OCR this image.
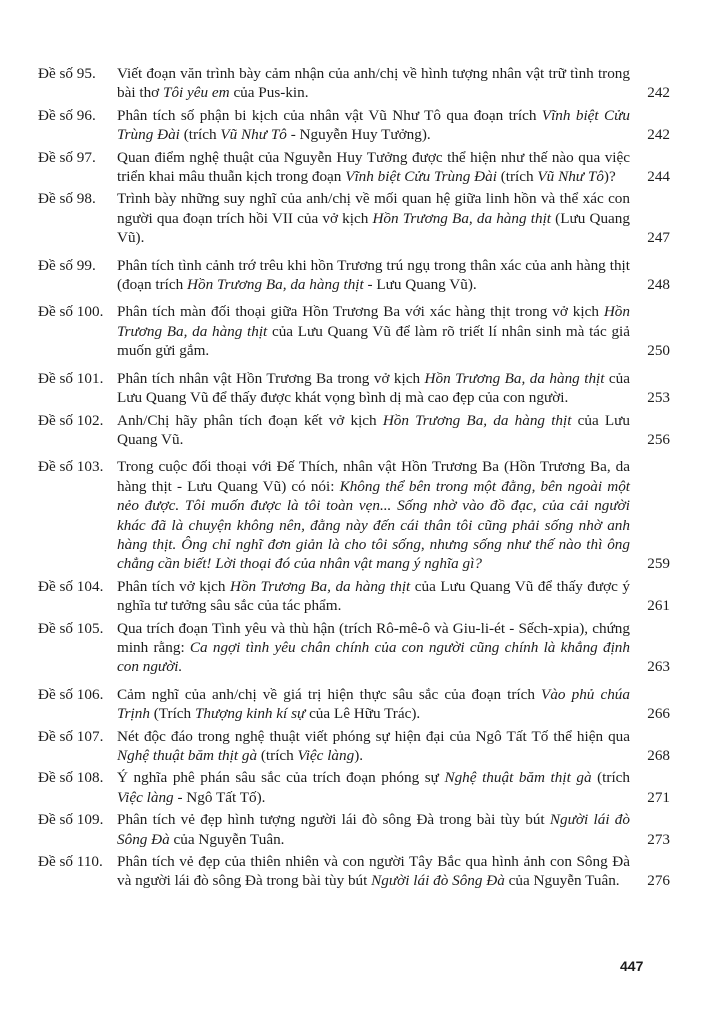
Đề số 95. Viết đoạn văn trình bày cảm nhận của anh/chị về hình tượng nhân vật trữ tình trong bài thơ Tôi yêu em của Pus-kin.	242
Đề số 96. Phân tích số phận bi kịch của nhân vật Vũ Như Tô qua đoạn trích Vĩnh biệt Cửu Trùng Đài (trích Vũ Như Tô - Nguyễn Huy Tưởng).	242
Đề số 97. Quan điểm nghệ thuật của Nguyễn Huy Tưởng được thể hiện như thế nào qua việc triển khai mâu thuẫn kịch trong đoạn Vĩnh biệt Cửu Trùng Đài (trích Vũ Như Tô)?	244
Đề số 98. Trình bày những suy nghĩ của anh/chị về mối quan hệ giữa linh hồn và thể xác con người qua đoạn trích hồi VII của vở kịch Hồn Trương Ba, da hàng thịt (Lưu Quang Vũ).	247
Đề số 99. Phân tích tình cảnh trớ trêu khi hồn Trương trú ngụ trong thân xác của anh hàng thịt (đoạn trích Hồn Trương Ba, da hàng thịt - Lưu Quang Vũ).	248
Đề số 100. Phân tích màn đối thoại giữa Hồn Trương Ba với xác hàng thịt trong vở kịch Hồn Trương Ba, da hàng thịt của Lưu Quang Vũ để làm rõ triết lí nhân sinh mà tác giả muốn gửi gắm.	250
Đề số 101. Phân tích nhân vật Hồn Trương Ba trong vở kịch Hồn Trương Ba, da hàng thịt của Lưu Quang Vũ để thấy được khát vọng bình dị mà cao đẹp của con người.	253
Đề số 102. Anh/Chị hãy phân tích đoạn kết vở kịch Hồn Trương Ba, da hàng thịt của Lưu Quang Vũ.	256
Đề số 103. Trong cuộc đối thoại với Đế Thích, nhân vật Hồn Trương Ba (Hồn Trương Ba, da hàng thịt - Lưu Quang Vũ) có nói: Không thể bên trong một đằng, bên ngoài một nẻo được. Tôi muốn được là tôi toàn vẹn... Sống nhờ vào đồ đạc, của cải người khác đã là chuyện không nên, đằng này đến cái thân tôi cũng phải sống nhờ anh hàng thịt. Ông chỉ nghĩ đơn giản là cho tôi sống, nhưng sống như thế nào thì ông chẳng cần biết! Lời thoại đó của nhân vật mang ý nghĩa gì?	259
Đề số 104. Phân tích vở kịch Hồn Trương Ba, da hàng thịt của Lưu Quang Vũ để thấy được ý nghĩa tư tưởng sâu sắc của tác phẩm.	261
Đề số 105. Qua trích đoạn Tình yêu và thù hận (trích Rô-mê-ô và Giu-li-ét - Sếch-xpia), chứng minh rằng: Ca ngợi tình yêu chân chính của con người cũng chính là khẳng định con người.	263
Đề số 106. Cảm nghĩ của anh/chị về giá trị hiện thực sâu sắc của đoạn trích Vào phủ chúa Trịnh (Trích Thượng kinh kí sự của Lê Hữu Trác).	266
Đề số 107. Nét độc đáo trong nghệ thuật viết phóng sự hiện đại của Ngô Tất Tố thể hiện qua Nghệ thuật băm thịt gà (trích Việc làng).	268
Đề số 108. Ý nghĩa phê phán sâu sắc của trích đoạn phóng sự Nghệ thuật băm thịt gà (trích Việc làng - Ngô Tất Tố).	271
Đề số 109. Phân tích vẻ đẹp hình tượng người lái đò sông Đà trong bài tùy bút Người lái đò Sông Đà của Nguyễn Tuân.	273
Đề số 110. Phân tích vẻ đẹp của thiên nhiên và con người Tây Bắc qua hình ảnh con Sông Đà và người lái đò sông Đà trong bài tùy bút Người lái đò Sông Đà của Nguyễn Tuân.	276
447
